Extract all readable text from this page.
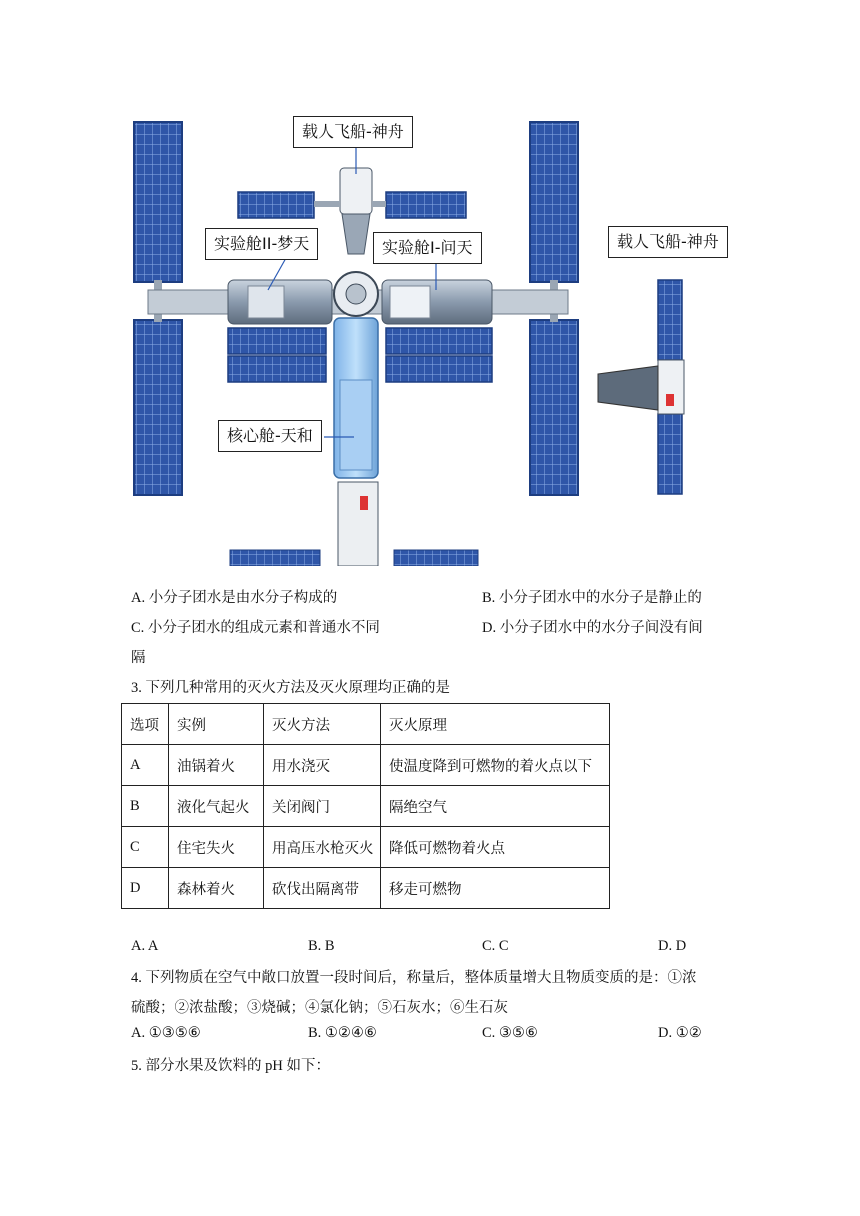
载人飞船-神舟
实验舱II-梦天	实验舱I-问天	载人飞船-神舟
核心舱-天和
A. 小分子团水是由水分子构成的	B. 小分子团水中的水分子是静止的
C. 小分子团水的组成元素和普通水不同	D. 小分子团水中的水分子间没有间
隔
3. 下列几种常用的灭火方法及灭火原理均正确的是
选项	实例	灭火方法	灭火原理
A	油锅着火	用水浇灭	使温度降到可燃物的着火点以下
B	液化气起火	关闭阀门	隔绝空气
C	住宅失火	用高压水枪灭火	降低可燃物着火点
D	森林着火	砍伐出隔离带	移走可燃物
A. A	B. B	C. C	D. D
4. 下列物质在空气中敞口放置一段时间后，称量后，整体质量增大且物质变质的是：①浓
硫酸；②浓盐酸；③烧碱；④氯化钠；⑤石灰水；⑥生石灰
A. ①③⑤⑥	B. ①②④⑥	C. ③⑤⑥	D. ①②
5. 部分水果及饮料的 pH 如下：
